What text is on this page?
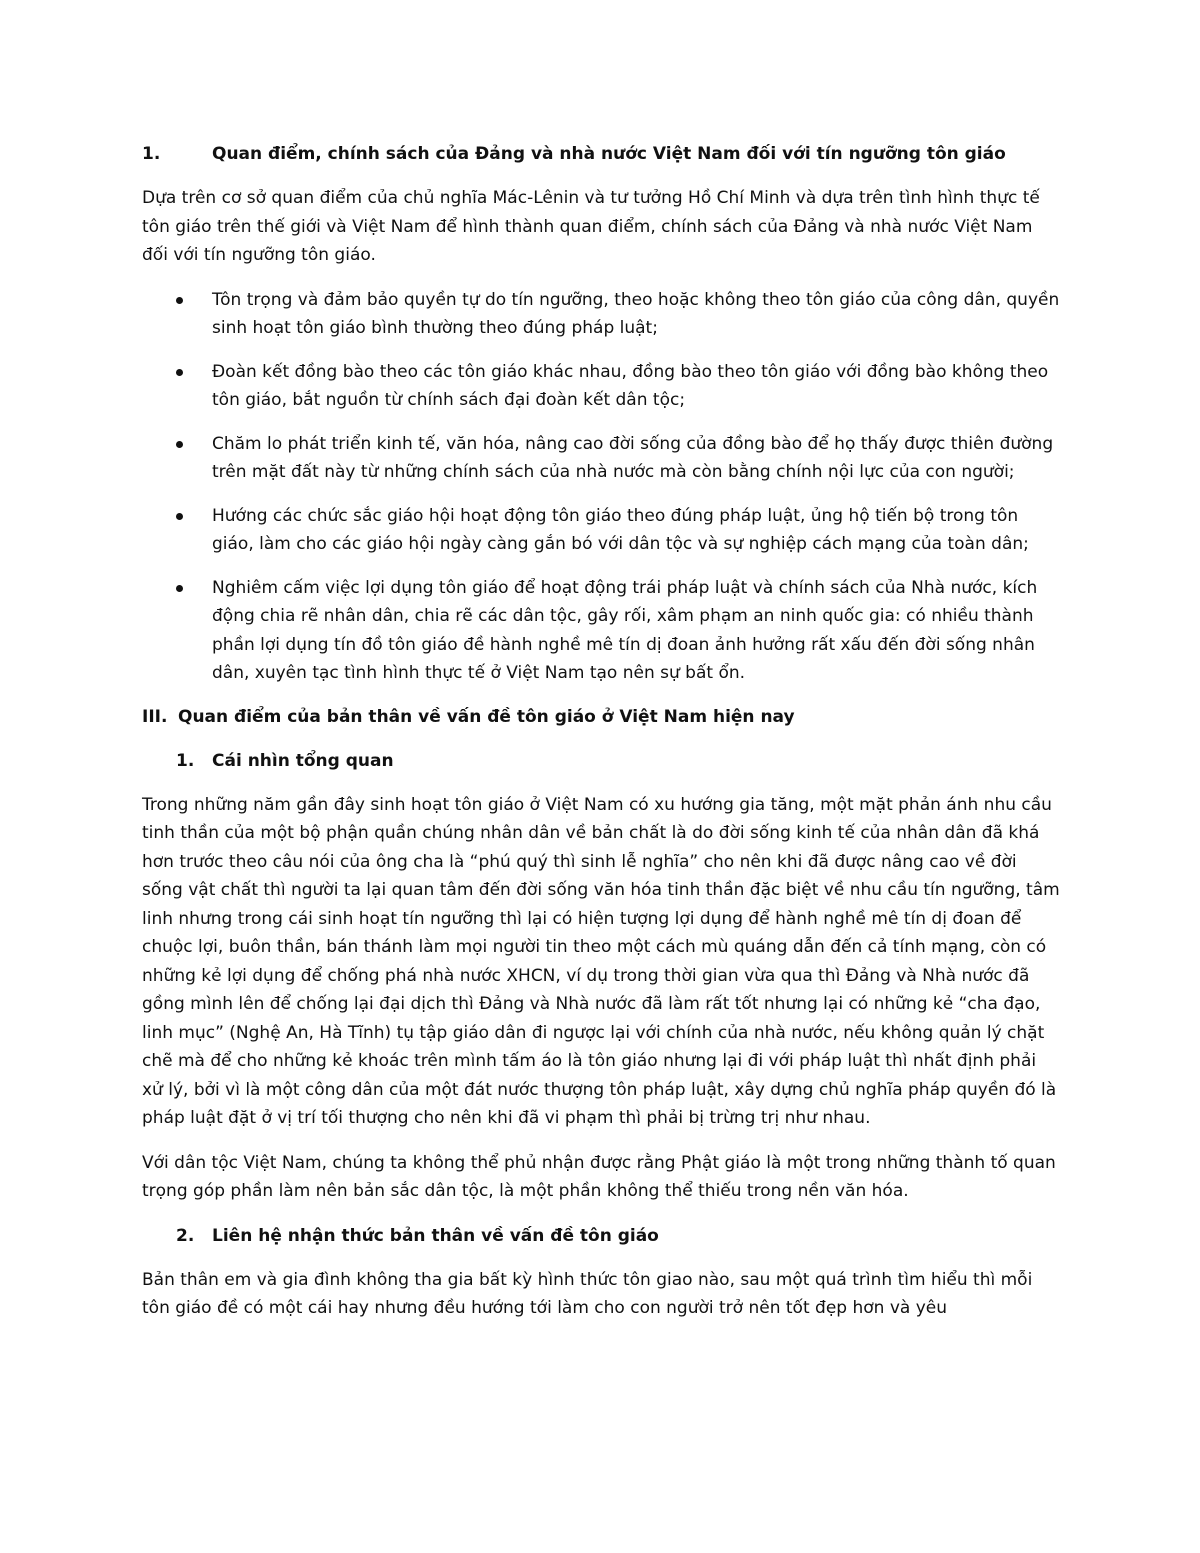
1.	Quan điểm, chính sách của Đảng và nhà nước Việt Nam đối với tín ngưỡng tôn giáo

Dựa trên cơ sở quan điểm của chủ nghĩa Mác-Lênin và tư tưởng Hồ Chí Minh và dựa trên tình hình thực tế tôn giáo trên thế giới và Việt Nam để hình thành quan điểm, chính sách của Đảng và nhà nước Việt Nam đối với tín ngưỡng tôn giáo.

Tôn trọng và đảm bảo quyền tự do tín ngưỡng, theo hoặc không theo tôn giáo của công dân, quyền sinh hoạt tôn giáo bình thường theo đúng pháp luật;
Đoàn kết đồng bào theo các tôn giáo khác nhau, đồng bào theo tôn giáo với đồng bào không theo tôn giáo, bắt nguồn từ chính sách đại đoàn kết dân tộc;
Chăm lo phát triển kinh tế, văn hóa, nâng cao đời sống của đồng bào để họ thấy được thiên đường trên mặt đất này từ những chính sách của nhà nước mà còn bằng chính nội lực của con người;
Hướng các chức sắc giáo hội hoạt động tôn giáo theo đúng pháp luật, ủng hộ tiến bộ trong tôn giáo, làm cho các giáo hội ngày càng gắn bó với dân tộc và sự nghiệp cách mạng của toàn dân;
Nghiêm cấm việc lợi dụng tôn giáo để hoạt động trái pháp luật và chính sách của Nhà nước, kích động chia rẽ nhân dân, chia rẽ các dân tộc, gây rối, xâm phạm an ninh quốc gia: có nhiều thành phần lợi dụng tín đồ tôn giáo đề hành nghề mê tín dị đoan ảnh hưởng rất xấu đến đời sống nhân dân, xuyên tạc tình hình thực tế ở Việt Nam tạo nên sự bất ổn.
III. Quan điểm của bản thân về vấn đề tôn giáo ở Việt Nam hiện nay
1.	Cái nhìn tổng quan

Trong những năm gần đây sinh hoạt tôn giáo ở Việt Nam có xu hướng gia tăng, một mặt phản ánh nhu cầu tinh thần của một bộ phận quần chúng nhân dân về bản chất là do đời sống kinh tế của nhân dân đã khá hơn trước theo câu nói của ông cha là “phú quý thì sinh lễ nghĩa” cho nên khi đã được nâng cao về đời sống vật chất thì người ta lại quan tâm đến đời sống văn hóa tinh thần đặc biệt về nhu cầu tín ngưỡng, tâm linh nhưng trong cái sinh hoạt tín ngưỡng thì lại có hiện tượng lợi dụng để hành nghề mê tín dị đoan để chuộc lợi, buôn thần, bán thánh làm mọi người tin theo một cách mù quáng dẫn đến cả tính mạng, còn có những kẻ lợi dụng để chống phá nhà nước XHCN, ví dụ trong thời gian vừa qua thì Đảng và Nhà nước đã gồng mình lên để chống lại đại dịch thì Đảng và Nhà nước đã làm rất tốt nhưng lại có những kẻ “cha đạo, linh mục” (Nghệ An, Hà Tĩnh) tụ tập giáo dân đi ngược lại với chính của nhà nước, nếu không quản lý chặt chẽ mà để cho những kẻ khoác trên mình tấm áo là tôn giáo nhưng lại đi với pháp luật thì nhất định phải xử lý, bởi vì là một công dân của một đát nước thượng tôn pháp luật, xây dựng chủ nghĩa pháp quyền đó là pháp luật đặt ở vị trí tối thượng cho nên khi đã vi phạm thì phải bị trừng trị như nhau.

Với dân tộc Việt Nam, chúng ta không thể phủ nhận được rằng Phật giáo là một trong những thành tố quan trọng góp phần làm nên bản sắc dân tộc, là một phần không thể thiếu trong nền văn hóa.

2.	Liên hệ nhận thức bản thân về vấn đề tôn giáo

Bản thân em và gia đình không tha gia bất kỳ hình thức tôn giao nào, sau một quá trình tìm hiểu thì mỗi tôn giáo đề có một cái hay nhưng đều hướng tới làm cho con người trở nên tốt đẹp hơn và yêu
